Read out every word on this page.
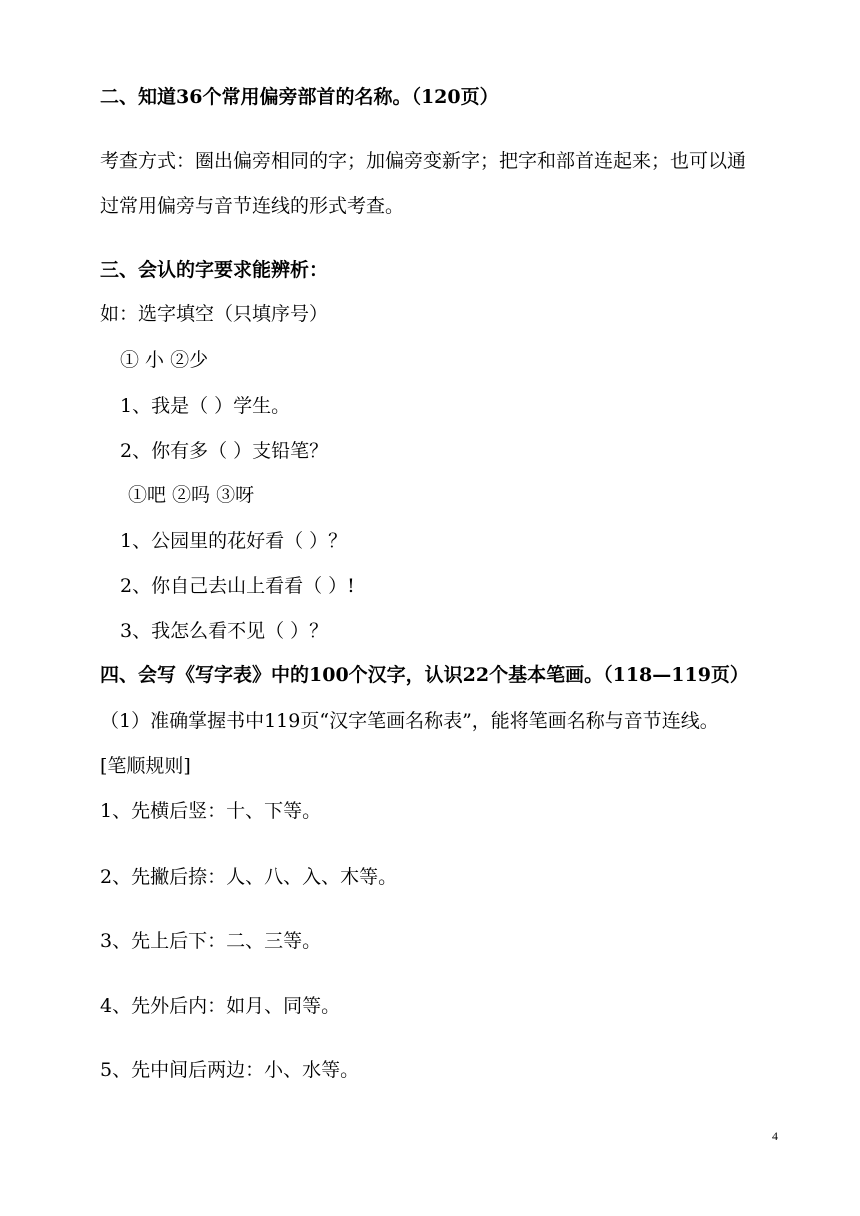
二、知道36个常用偏旁部首的名称。（120页）
考查方式：圈出偏旁相同的字；加偏旁变新字；把字和部首连起来；也可以通
过常用偏旁与音节连线的形式考查。
三、会认的字要求能辨析：
如：选字填空（只填序号）
① 小 ②少
1、我是（ ）学生。
2、你有多（ ）支铅笔？
①吧 ②吗 ③呀
1、公园里的花好看（ ）？
2、你自己去山上看看（ ）!
3、我怎么看不见（ ）？
四、会写《写字表》中的100个汉字，认识22个基本笔画。（118—119页）
（1）准确掌握书中119页“汉字笔画名称表”，能将笔画名称与音节连线。
[笔顺规则]
1、先横后竖：十、下等。
2、先撇后捺：人、八、入、木等。
3、先上后下：二、三等。
4、先外后内：如月、同等。
5、先中间后两边：小、水等。
4
